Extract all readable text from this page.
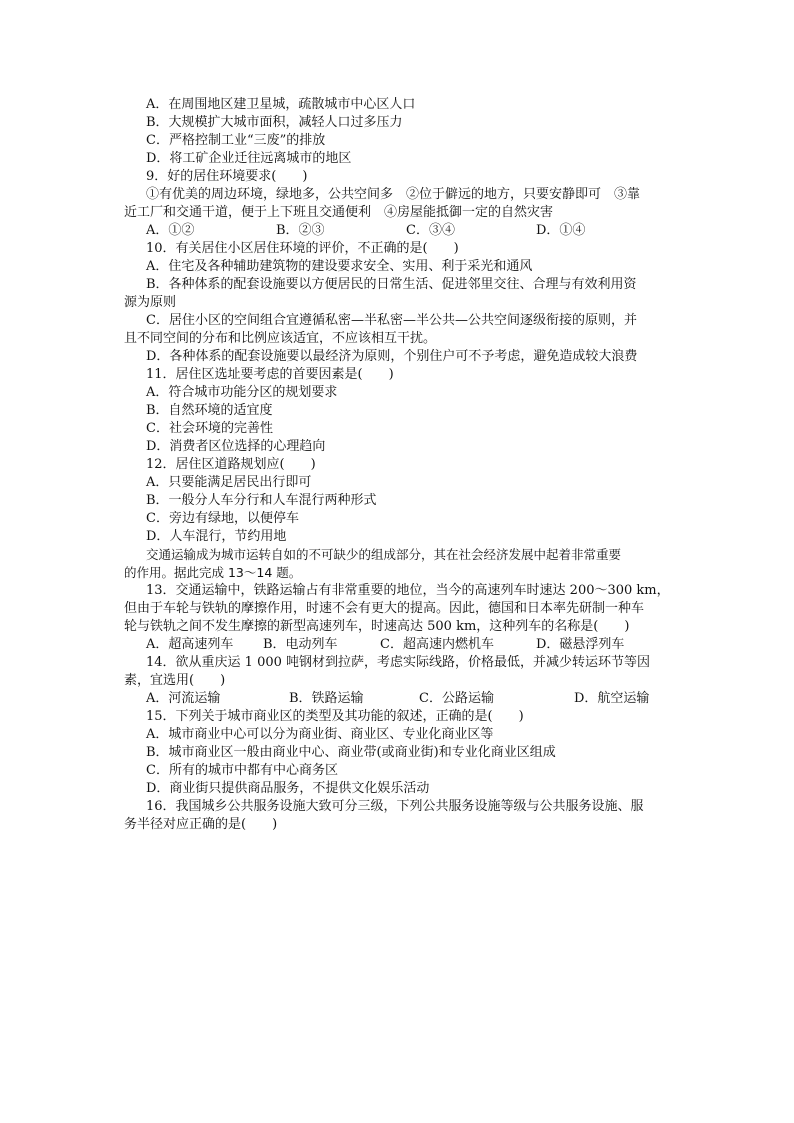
A．在周围地区建卫星城，疏散城市中心区人口
B．大规模扩大城市面积，减轻人口过多压力
C．严格控制工业“三废”的排放
D．将工矿企业迁往远离城市的地区
9．好的居住环境要求(　　)
①有优美的周边环境，绿地多，公共空间多　②位于僻远的地方，只要安静即可　③靠
近工厂和交通干道，便于上下班且交通便利　④房屋能抵御一定的自然灾害
A．①②	B．②③	C．③④	D．①④
10．有关居住小区居住环境的评价，不正确的是(　　)
A．住宅及各种辅助建筑物的建设要求安全、实用、利于采光和通风
B．各种体系的配套设施要以方便居民的日常生活、促进邻里交往、合理与有效利用资
源为原则
C．居住小区的空间组合宜遵循私密—半私密—半公共—公共空间逐级衔接的原则，并
且不同空间的分布和比例应该适宜，不应该相互干扰。
D．各种体系的配套设施要以最经济为原则，个别住户可不予考虑，避免造成较大浪费
11．居住区选址要考虑的首要因素是(　　)
A．符合城市功能分区的规划要求
B．自然环境的适宜度
C．社会环境的完善性
D．消费者区位选择的心理趋向
12．居住区道路规划应(　　)
A．只要能满足居民出行即可
B．一般分人车分行和人车混行两种形式
C．旁边有绿地，以便停车
D．人车混行，节约用地
交通运输成为城市运转自如的不可缺少的组成部分，其在社会经济发展中起着非常重要
的作用。据此完成 13～14 题。
13．交通运输中，铁路运输占有非常重要的地位，当今的高速列车时速达 200～300 km，
但由于车轮与铁轨的摩擦作用，时速不会有更大的提高。因此，德国和日本率先研制一种车
轮与铁轨之间不发生摩擦的新型高速列车，时速高达 500 km，这种列车的名称是(　　)
A．超高速列车	B．电动列车	C．超高速内燃机车	D．磁悬浮列车
14．欲从重庆运 1 000 吨钢材到拉萨，考虑实际线路，价格最低，并减少转运环节等因
素，宜选用(　　)
A．河流运输	B．铁路运输	C．公路运输	D．航空运输
15．下列关于城市商业区的类型及其功能的叙述，正确的是(　　)
A．城市商业中心可以分为商业街、商业区、专业化商业区等
B．城市商业区一般由商业中心、商业带(或商业街)和专业化商业区组成
C．所有的城市中都有中心商务区
D．商业街只提供商品服务，不提供文化娱乐活动
16．我国城乡公共服务设施大致可分三级，下列公共服务设施等级与公共服务设施、服
务半径对应正确的是(　　)
